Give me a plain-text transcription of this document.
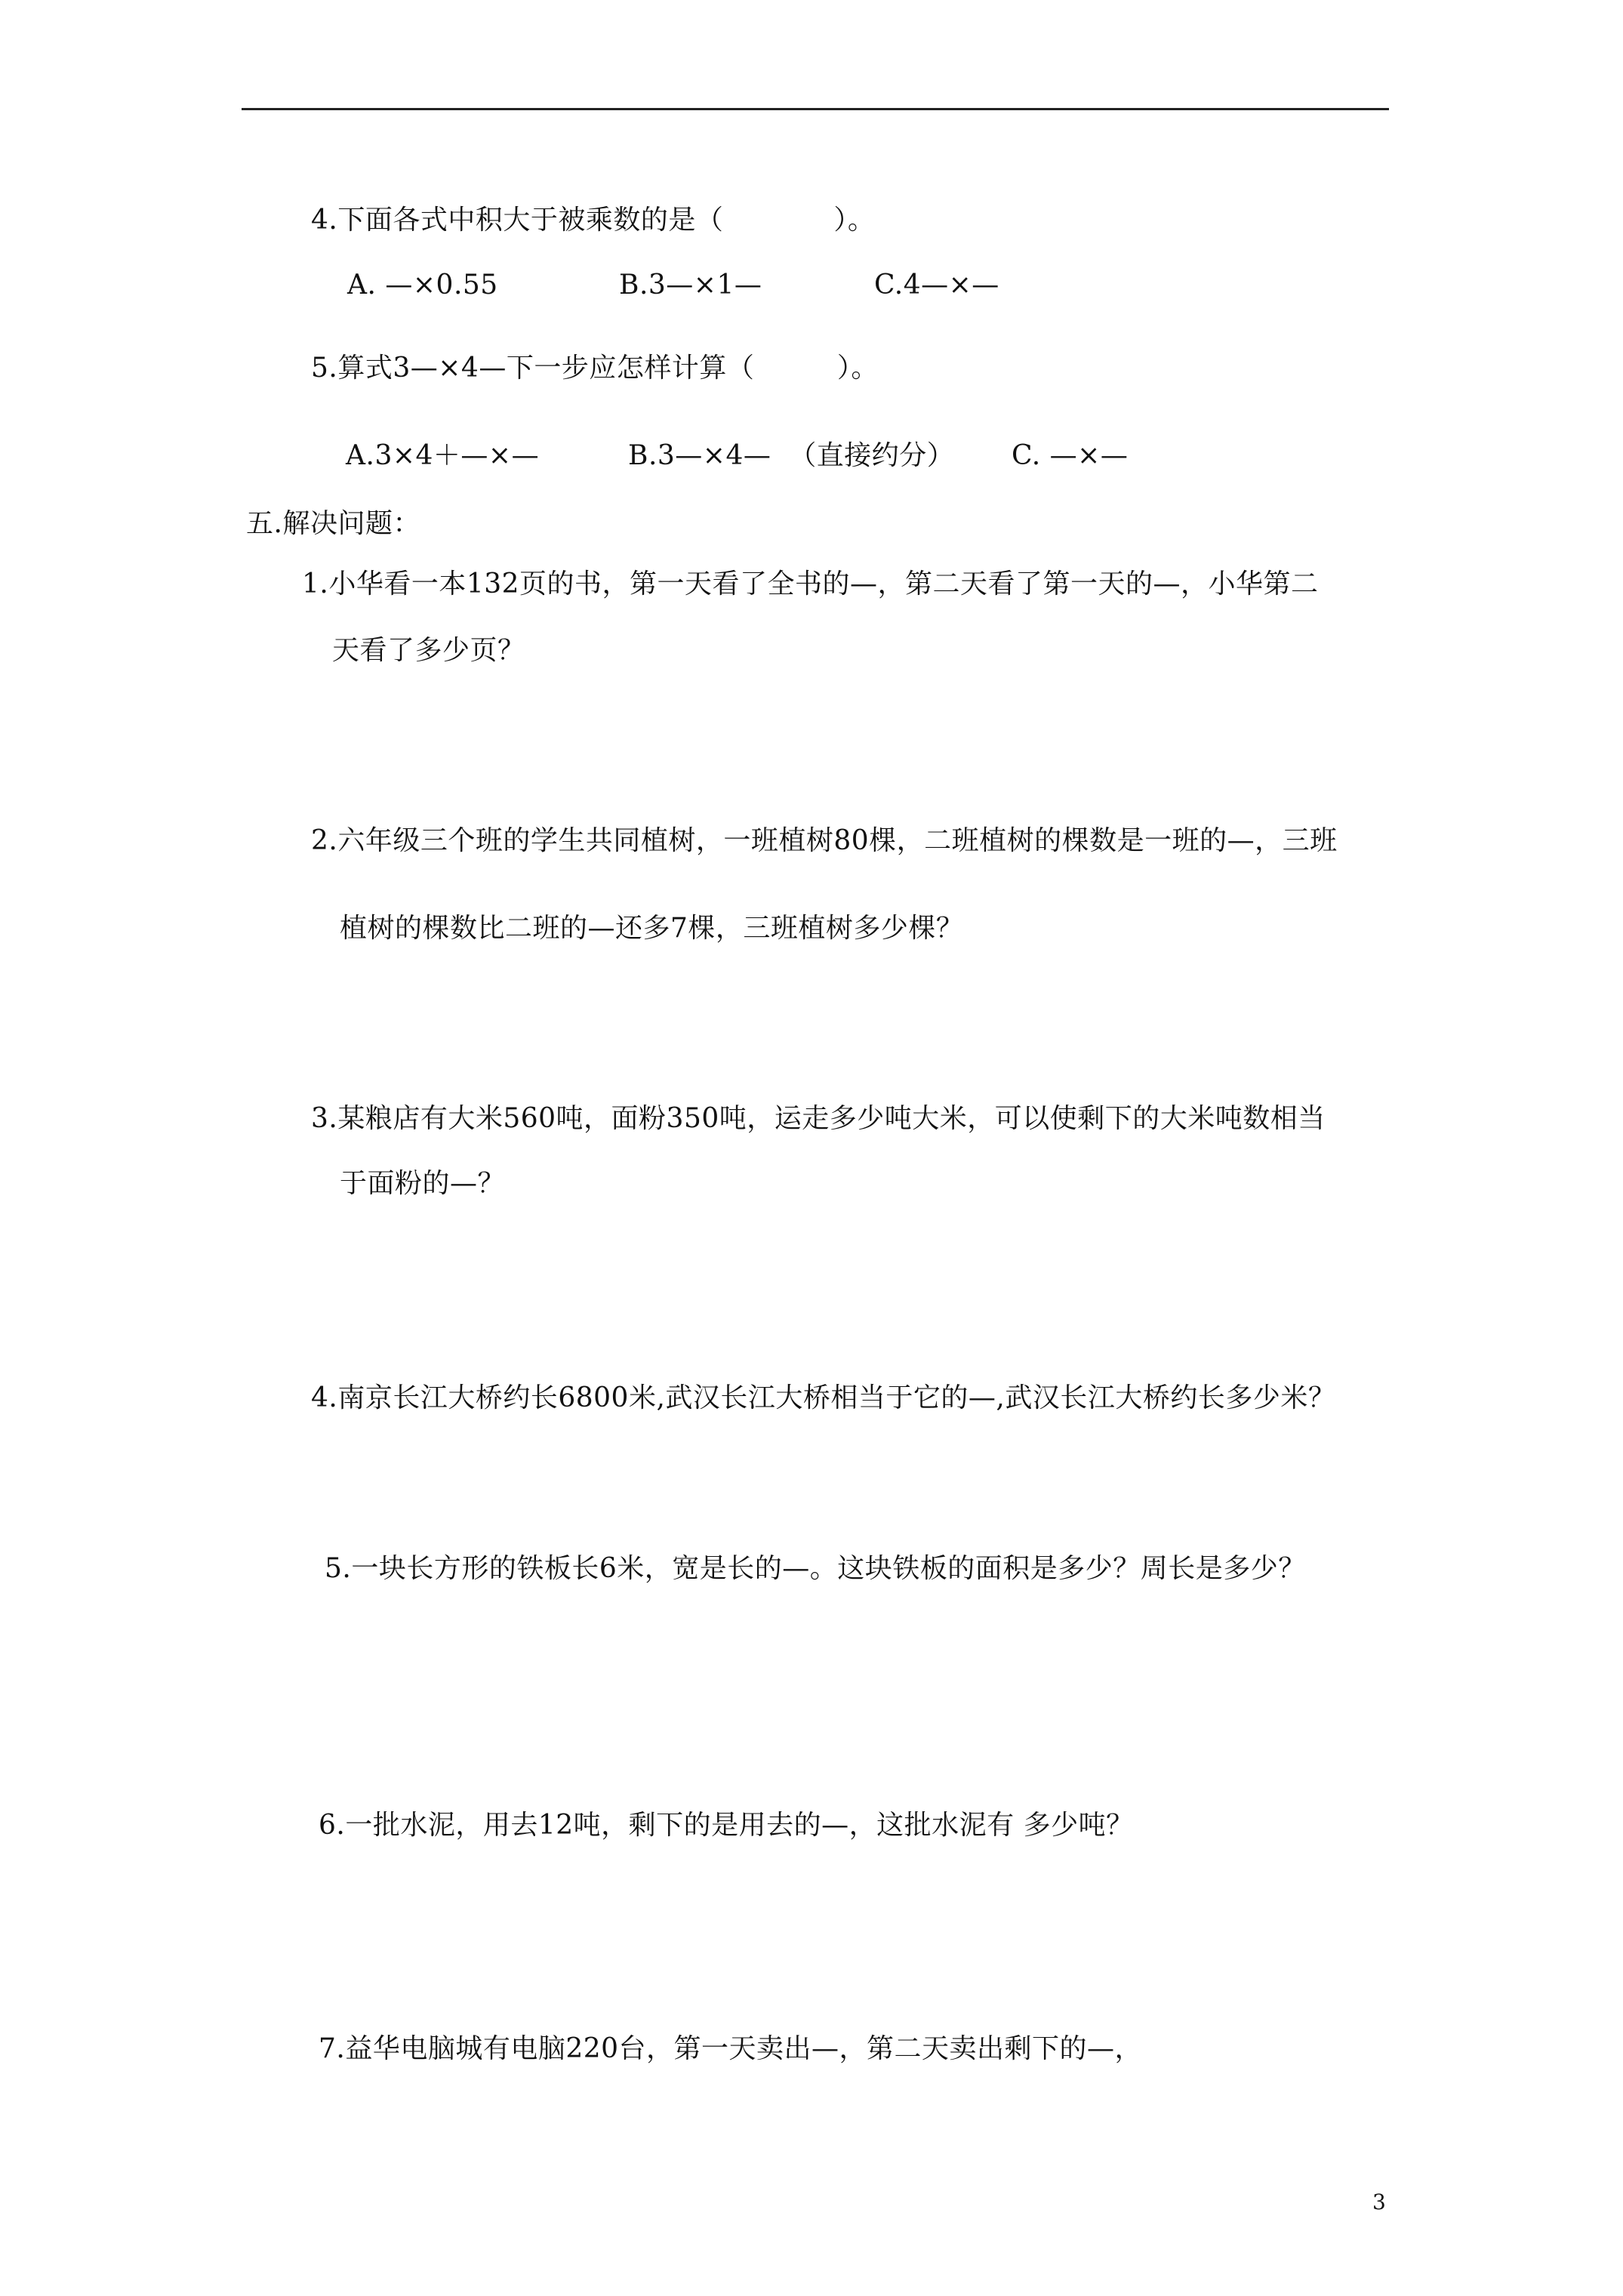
4.下面各式中积大于被乘数的是（　　　　）。
A. —×0.55	B.3—×1—	C.4—×—
5.算式3—×4—下一步应怎样计算（　　　）。
A.3×4＋—×—	B.3—×4—  （直接约分） C. —×—
五.解决问题：
1.小华看一本132页的书，第一天看了全书的—，第二天看了第一天的—，小华第二
天看了多少页？
2.六年级三个班的学生共同植树，一班植树80棵，二班植树的棵数是一班的—，三班
植树的棵数比二班的—还多7棵，三班植树多少棵？
3.某粮店有大米560吨，面粉350吨，运走多少吨大米，可以使剩下的大米吨数相当
于面粉的—？
4.南京长江大桥约长6800米,武汉长江大桥相当于它的—,武汉长江大桥约长多少米？
5.一块长方形的铁板长6米，宽是长的—。这块铁板的面积是多少？周长是多少？
6.一批水泥，用去12吨，剩下的是用去的—，这批水泥有 多少吨？
7.益华电脑城有电脑220台，第一天卖出—，第二天卖出剩下的—，
3
